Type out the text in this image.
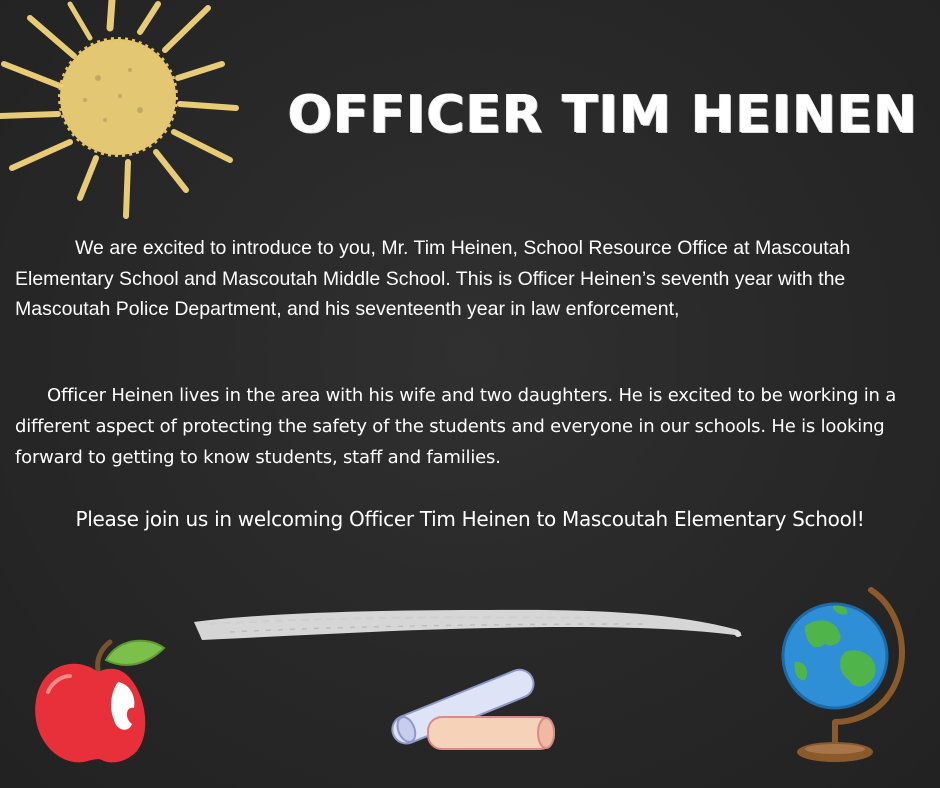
OFFICER TIM HEINEN

We are excited to introduce to you, Mr. Tim Heinen, School Resource Office at Mascoutah Elementary School and Mascoutah Middle School. This is Officer Heinen’s seventh year with the Mascoutah Police Department, and his seventeenth year in law enforcement,

Officer Heinen lives in the area with his wife and two daughters. He is excited to be working in a different aspect of protecting the safety of the students and everyone in our schools. He is looking forward to getting to know students, staff and families.

Please join us in welcoming Officer Tim Heinen to Mascoutah Elementary School!
